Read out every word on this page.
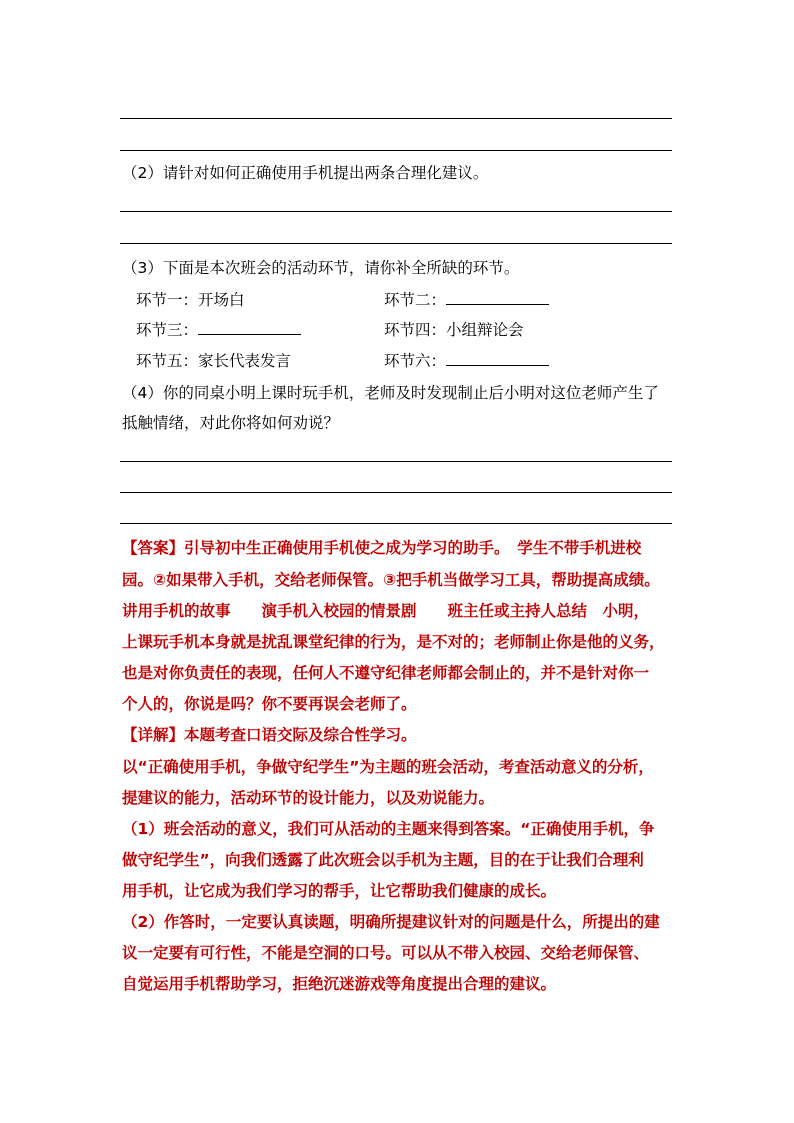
（2）请针对如何正确使用手机提出两条合理化建议。
（3）下面是本次班会的活动环节，请你补全所缺的环节。
环节一：开场白	环节二：
环节三：	环节四：小组辩论会
环节五：家长代表发言	环节六：
（4）你的同桌小明上课时玩手机，老师及时发现制止后小明对这位老师产生了
抵触情绪，对此你将如何劝说？
【答案】引导初中生正确使用手机使之成为学习的助手。　学生不带手机进校
园。②如果带入手机，交给老师保管。③把手机当做学习工具，帮助提高成绩。
讲用手机的故事　　演手机入校园的情景剧　　班主任或主持人总结　小明，
上课玩手机本身就是扰乱课堂纪律的行为，是不对的；老师制止你是他的义务，
也是对你负责任的表现，任何人不遵守纪律老师都会制止的，并不是针对你一
个人的，你说是吗？你不要再误会老师了。
【详解】本题考查口语交际及综合性学习。
以“正确使用手机，争做守纪学生”为主题的班会活动，考查活动意义的分析，
提建议的能力，活动环节的设计能力，以及劝说能力。
（1）班会活动的意义，我们可从活动的主题来得到答案。“正确使用手机，争
做守纪学生”，向我们透露了此次班会以手机为主题，目的在于让我们合理利
用手机，让它成为我们学习的帮手，让它帮助我们健康的成长。
（2）作答时，一定要认真读题，明确所提建议针对的问题是什么，所提出的建
议一定要有可行性，不能是空洞的口号。可以从不带入校园、交给老师保管、
自觉运用手机帮助学习，拒绝沉迷游戏等角度提出合理的建议。
